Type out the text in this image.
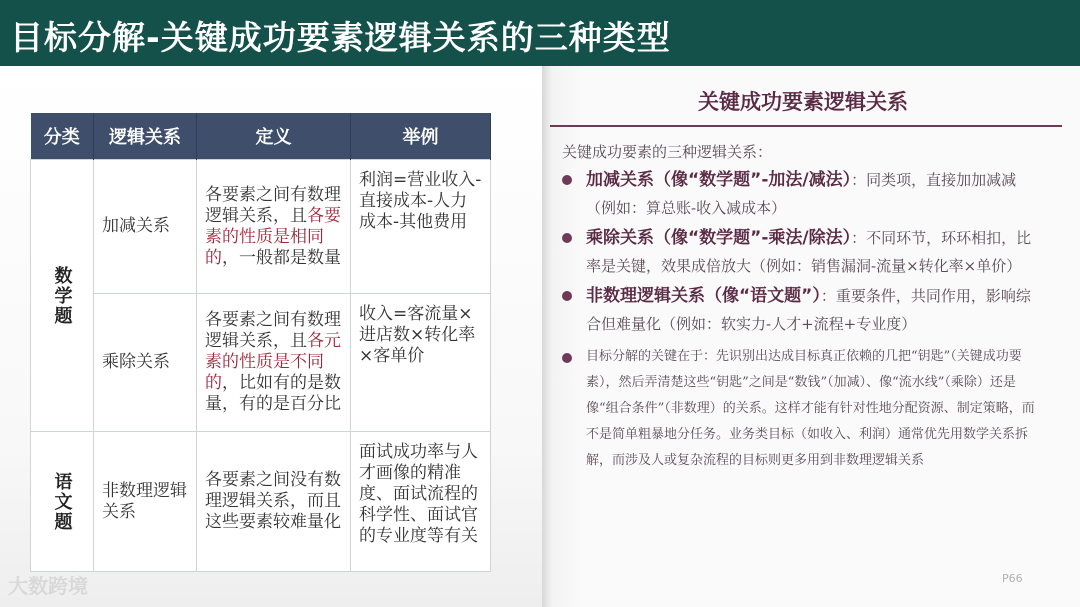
目标分解-关键成功要素逻辑关系的三种类型
分类	逻辑关系	定义	举例
数学题	加减关系	各要素之间有数理逻辑关系，且各要素的性质是相同的，一般都是数量	利润=营业收入-直接成本-人力成本-其他费用
	乘除关系	各要素之间有数理逻辑关系，且各元素的性质是不同的，比如有的是数量，有的是百分比	收入=客流量×进店数×转化率×客单价
语文题	非数理逻辑关系	各要素之间没有数理逻辑关系，而且这些要素较难量化	面试成功率与人才画像的精准度、面试流程的科学性、面试官的专业度等有关
大数跨境
关键成功要素逻辑关系
关键成功要素的三种逻辑关系：
加减关系（像“数学题”-加法/减法）：同类项，直接加加减减（例如：算总账-收入减成本）
乘除关系（像“数学题”-乘法/除法）：不同环节，环环相扣，比率是关键，效果成倍放大（例如：销售漏洞-流量×转化率×单价）
非数理逻辑关系（像“语文题”）：重要条件，共同作用，影响综合但难量化（例如：软实力-人才+流程+专业度）
目标分解的关键在于：先识别出达成目标真正依赖的几把“钥匙”（关键成功要素），然后弄清楚这些“钥匙”之间是“数钱”（加减）、像“流水线”（乘除）还是像“组合条件”（非数理）的关系。这样才能有针对性地分配资源、制定策略，而不是简单粗暴地分任务。业务类目标（如收入、利润）通常优先用数学关系拆解，而涉及人或复杂流程的目标则更多用到非数理逻辑关系
P66
